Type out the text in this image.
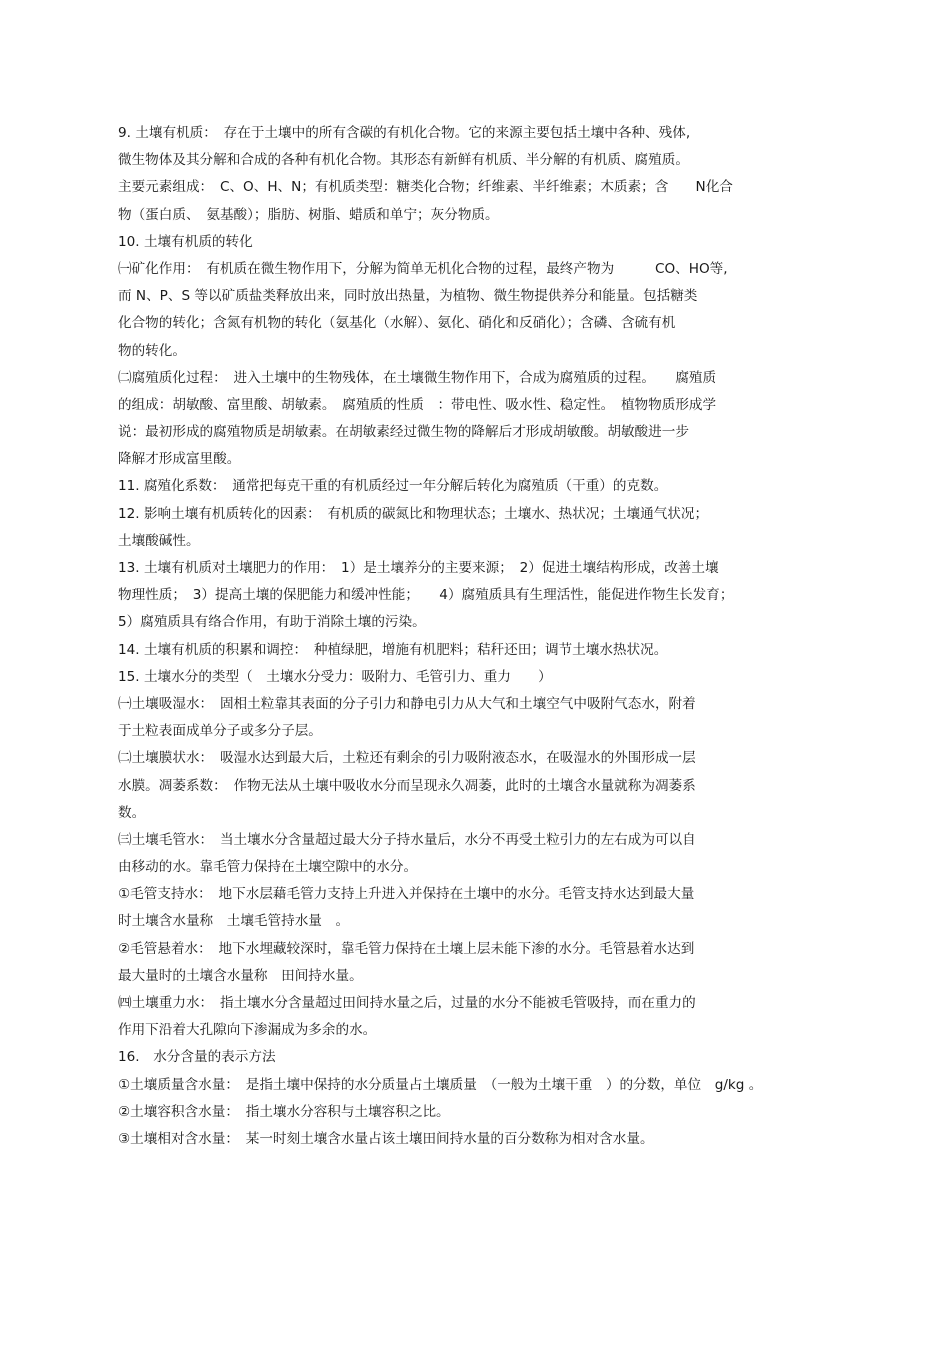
9. 土壤有机质：　存在于土壤中的所有含碳的有机化合物。它的来源主要包括土壤中各种、残体,
微生物体及其分解和合成的各种有机化合物。其形态有新鲜有机质、半分解的有机质、腐殖质。
主要元素组成：　C、O、H、N；有机质类型：糖类化合物；纤维素、半纤维素；木质素；含　　N化合
物（蛋白质、　氨基酸）；脂肪、树脂、蜡质和单宁；灰分物质。
10. 土壤有机质的转化
㈠矿化作用：　有机质在微生物作用下，分解为简单无机化合物的过程，最终产物为　　　CO、HO等,
而 N、P、S 等以矿质盐类释放出来，同时放出热量，为植物、微生物提供养分和能量。包括糖类
化合物的转化；含氮有机物的转化（氨基化（水解）、氨化、硝化和反硝化）；含磷、含硫有机
物的转化。
㈡腐殖质化过程：　进入土壤中的生物残体，在土壤微生物作用下，合成为腐殖质的过程。　　腐殖质
的组成：胡敏酸、富里酸、胡敏素。　腐殖质的性质　：带电性、吸水性、稳定性。　植物物质形成学
说：最初形成的腐殖物质是胡敏素。在胡敏素经过微生物的降解后才形成胡敏酸。胡敏酸进一步
降解才形成富里酸。
11. 腐殖化系数：　通常把每克干重的有机质经过一年分解后转化为腐殖质（干重）的克数。
12. 影响土壤有机质转化的因素：　有机质的碳氮比和物理状态；土壤水、热状况；土壤通气状况；
土壤酸碱性。
13. 土壤有机质对土壤肥力的作用：　1）是土壤养分的主要来源；　2）促进土壤结构形成，改善土壤
物理性质；　3）提高土壤的保肥能力和缓冲性能；　　4）腐殖质具有生理活性，能促进作物生长发育；
5）腐殖质具有络合作用，有助于消除土壤的污染。
14. 土壤有机质的积累和调控：　种植绿肥，增施有机肥料；秸秆还田；调节土壤水热状况。
15. 土壤水分的类型（　土壤水分受力：吸附力、毛管引力、重力　　）
㈠土壤吸湿水：　固相土粒靠其表面的分子引力和静电引力从大气和土壤空气中吸附气态水，附着
于土粒表面成单分子或多分子层。
㈡土壤膜状水：　吸湿水达到最大后，土粒还有剩余的引力吸附液态水，在吸湿水的外围形成一层
水膜。凋萎系数：　作物无法从土壤中吸收水分而呈现永久凋萎，此时的土壤含水量就称为凋萎系
数。
㈢土壤毛管水：　当土壤水分含量超过最大分子持水量后，水分不再受土粒引力的左右成为可以自
由移动的水。靠毛管力保持在土壤空隙中的水分。
①毛管支持水：　地下水层藉毛管力支持上升进入并保持在土壤中的水分。毛管支持水达到最大量
时土壤含水量称　土壤毛管持水量　。
②毛管悬着水：　地下水埋藏较深时，靠毛管力保持在土壤上层未能下渗的水分。毛管悬着水达到
最大量时的土壤含水量称　田间持水量。
㈣土壤重力水：　指土壤水分含量超过田间持水量之后，过量的水分不能被毛管吸持，而在重力的
作用下沿着大孔隙向下渗漏成为多余的水。
16.　水分含量的表示方法
①土壤质量含水量：　是指土壤中保持的水分质量占土壤质量　（一般为土壤干重　）的分数，单位　g/kg 。
②土壤容积含水量：　指土壤水分容积与土壤容积之比。
③土壤相对含水量：　某一时刻土壤含水量占该土壤田间持水量的百分数称为相对含水量。
